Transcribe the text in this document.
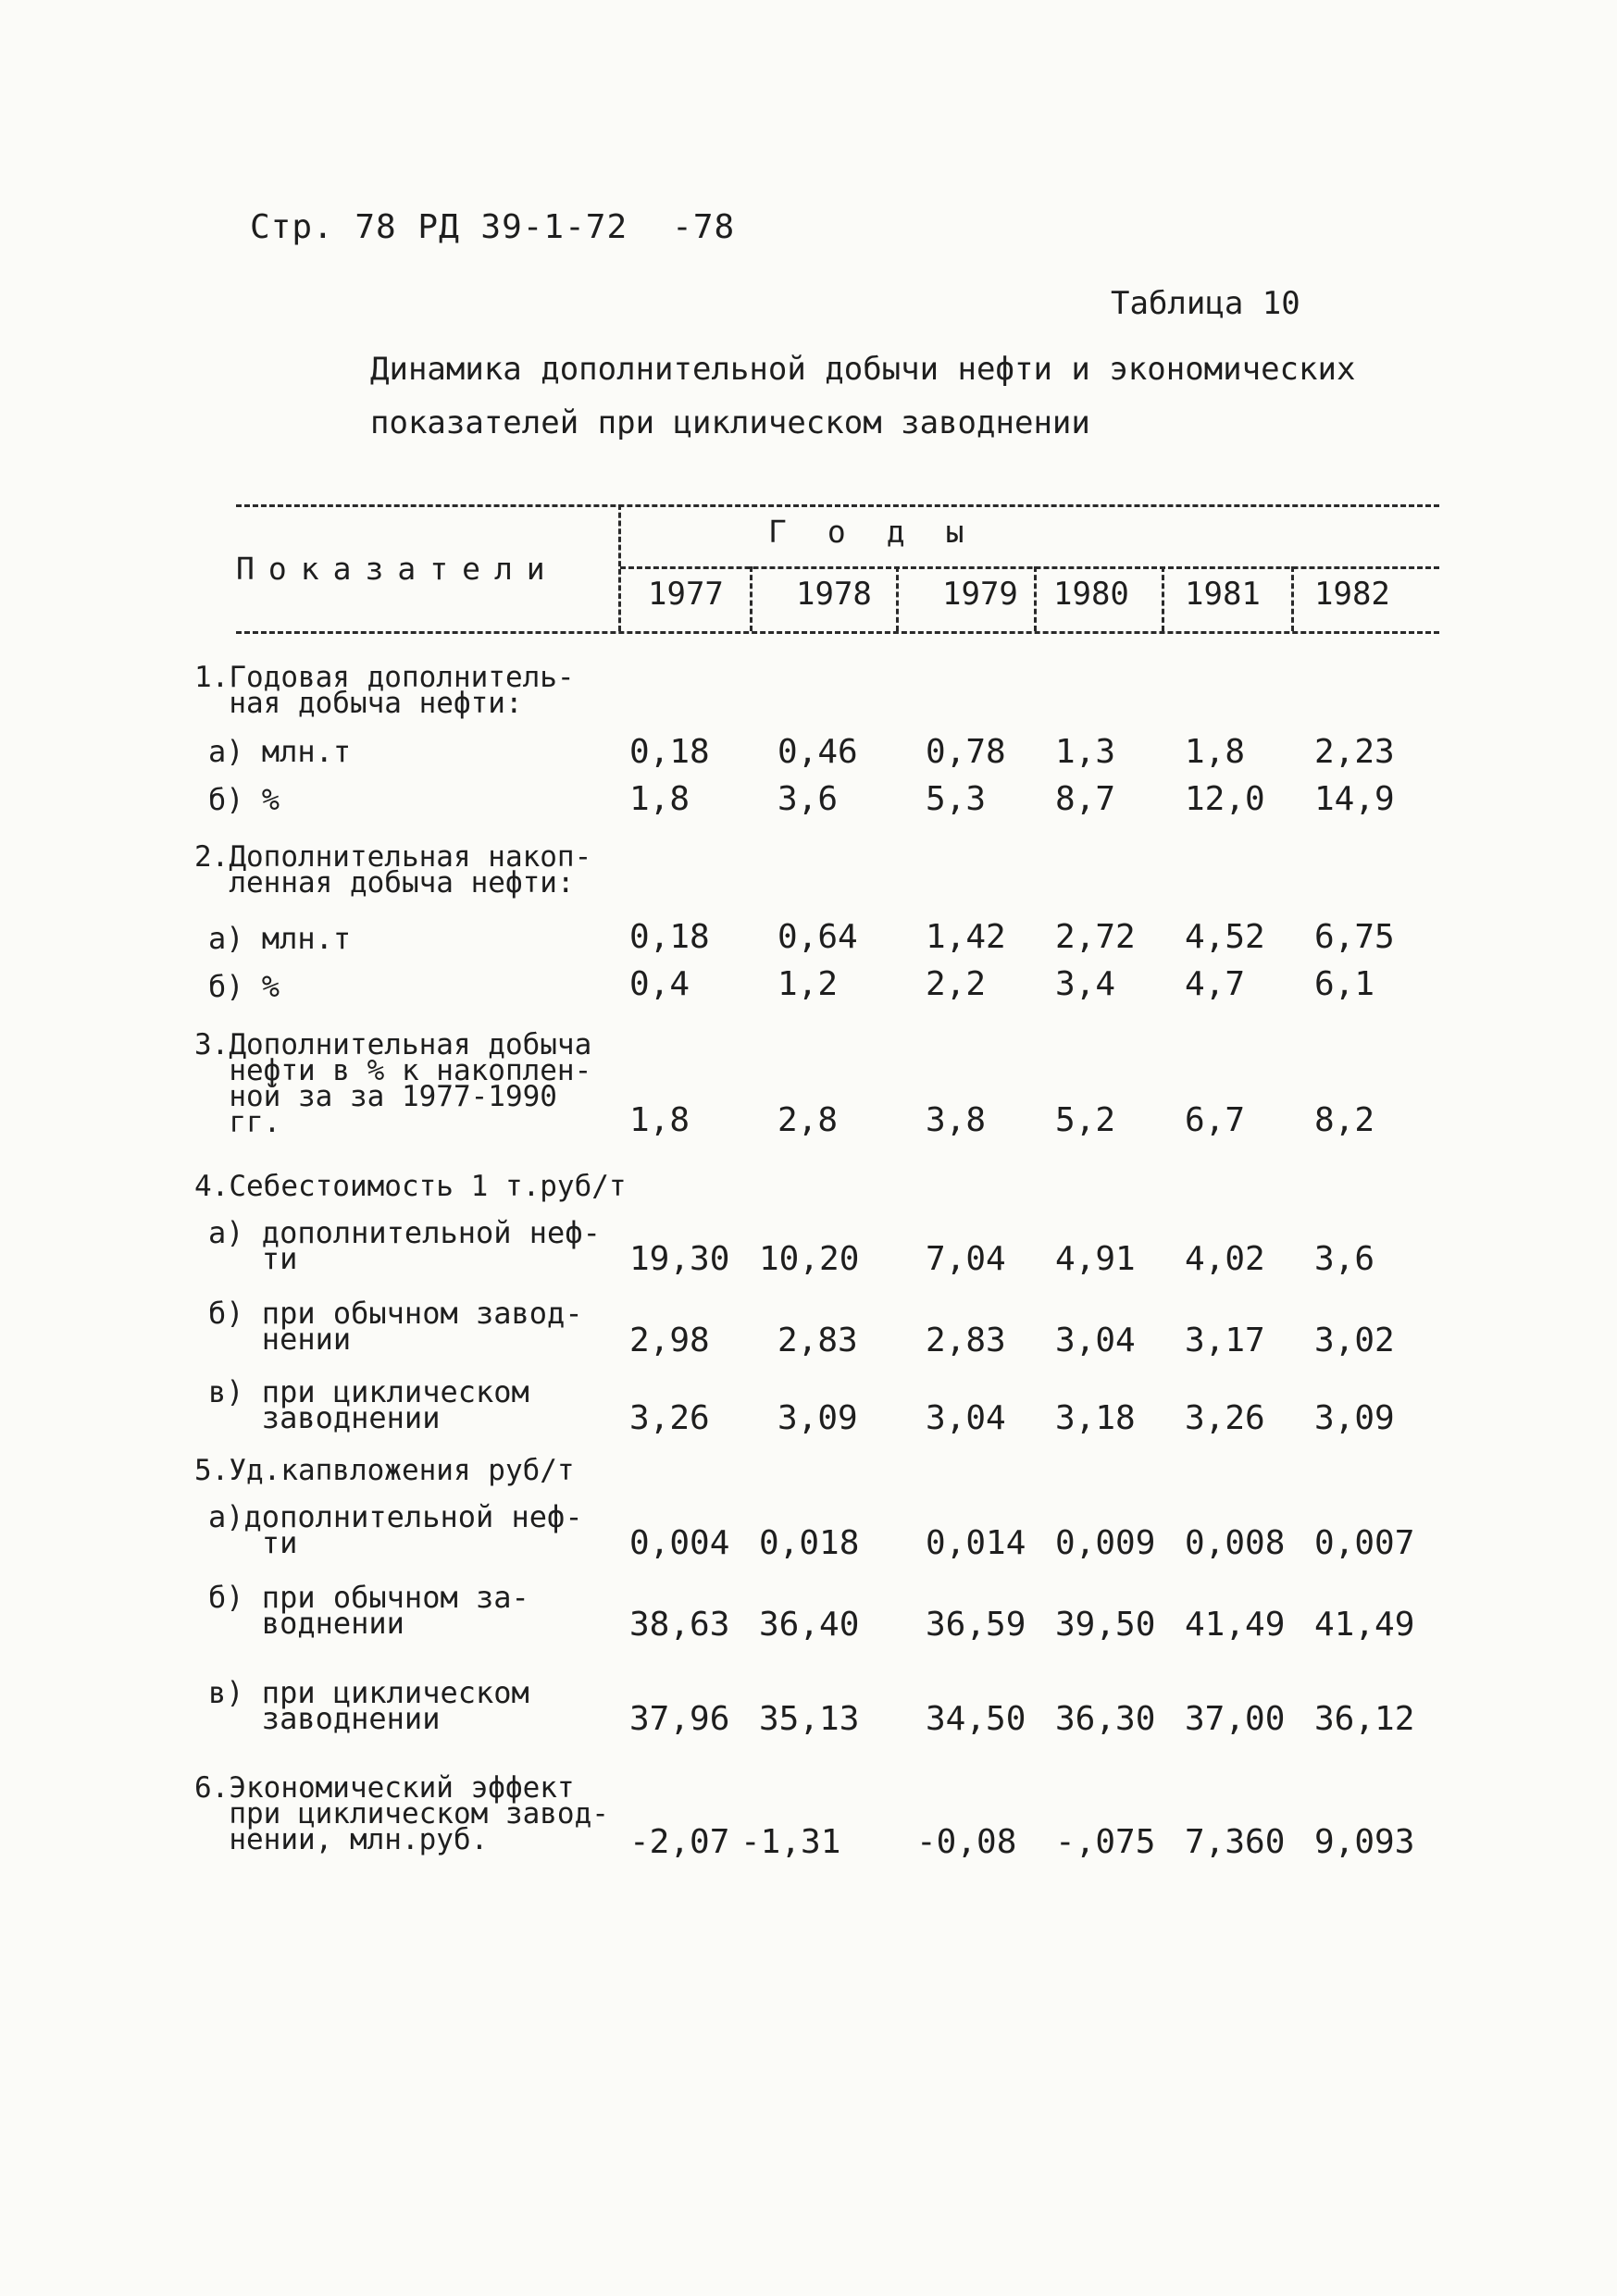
Стр. 78 РД 39-1-72 -78
Таблица 10
Динамика дополнительной добычи нефти и экономических
показателей при циклическом заводнении
Показатели
Годы
1977 1978 1979 1980 1981 1982
1.Годовая дополнитель-
ная добыча нефти:
а) млн.т	0,18 0,46 0,78 1,3 1,8 2,23
б) %	1,8	3,6	5,3 8,7 12,0 14,9
2.Дополнительная накоп-
ленная добыча нефти:
а) млн.т	0,18 0,64 1,42 2,72 4,52 6,75
б) %	0,4	1,2	2,2 3,4 4,7 6,1
3.Дополнительная добыча
нефти в % к накоплен-
ной за за 1977-1990
гг.	1,8	2,8	3,8 5,2 6,7 8,2
4.Себестоимость 1 т.руб/т
а) дополнительной неф-
ти	19,30 10,20 7,04 4,91 4,02 3,6
б) при обычном завод-
нении	2,98 2,83 2,83 3,04 3,17 3,02
в) при циклическом
заводнении	3,26 3,09 3,04 3,18 3,26 3,09
5.Уд.капвложения руб/т
а)дополнительной неф-
ти	0,004 0,018 0,014 0,009 0,008 0,007
б) при обычном за-
воднении	38,63 36,40 36,59 39,50 41,49 41,49
в) при циклическом
заводнении	37,96 35,13 34,50 36,30 37,00 36,12
6.Экономический эффект
при циклическом завод-
нении, млн.руб.	-2,07 -1,31 -0,08 -,075 7,360 9,093
